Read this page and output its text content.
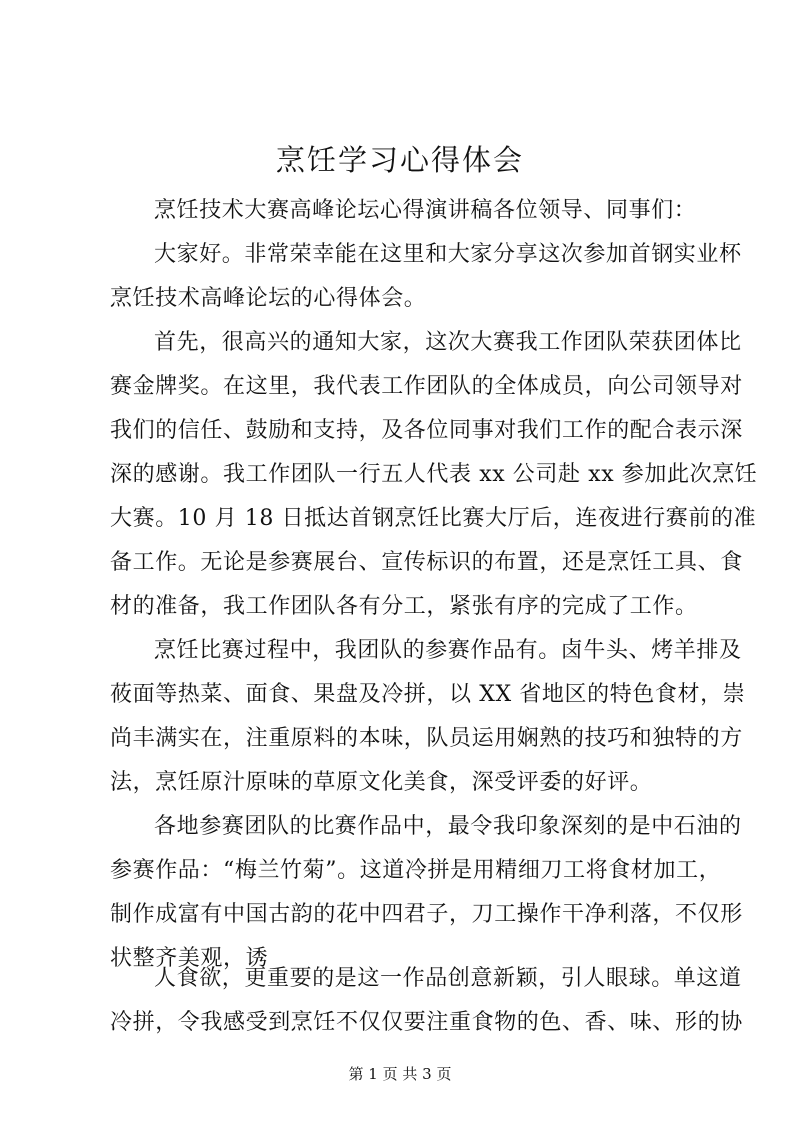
烹饪学习心得体会
烹饪技术大赛高峰论坛心得演讲稿各位领导、同事们：
大家好。非常荣幸能在这里和大家分享这次参加首钢实业杯
烹饪技术高峰论坛的心得体会。
首先，很高兴的通知大家，这次大赛我工作团队荣获团体比
赛金牌奖。在这里，我代表工作团队的全体成员，向公司领导对
我们的信任、鼓励和支持，及各位同事对我们工作的配合表示深
深的感谢。我工作团队一行五人代表 xx 公司赴 xx 参加此次烹饪
大赛。10 月 18 日抵达首钢烹饪比赛大厅后，连夜进行赛前的准
备工作。无论是参赛展台、宣传标识的布置，还是烹饪工具、食
材的准备，我工作团队各有分工，紧张有序的完成了工作。
烹饪比赛过程中，我团队的参赛作品有。卤牛头、烤羊排及
莜面等热菜、面食、果盘及冷拼，以 XX 省地区的特色食材，崇
尚丰满实在，注重原料的本味，队员运用娴熟的技巧和独特的方
法，烹饪原汁原味的草原文化美食，深受评委的好评。
各地参赛团队的比赛作品中，最令我印象深刻的是中石油的
参赛作品：“梅兰竹菊”。这道冷拼是用精细刀工将食材加工，
制作成富有中国古韵的花中四君子，刀工操作干净利落，不仅形
状整齐美观，诱
人食欲，更重要的是这一作品创意新颖，引人眼球。单这道
第 1 页 共 3 页
冷拼，令我感受到烹饪不仅仅要注重食物的色、香、味、形的协
